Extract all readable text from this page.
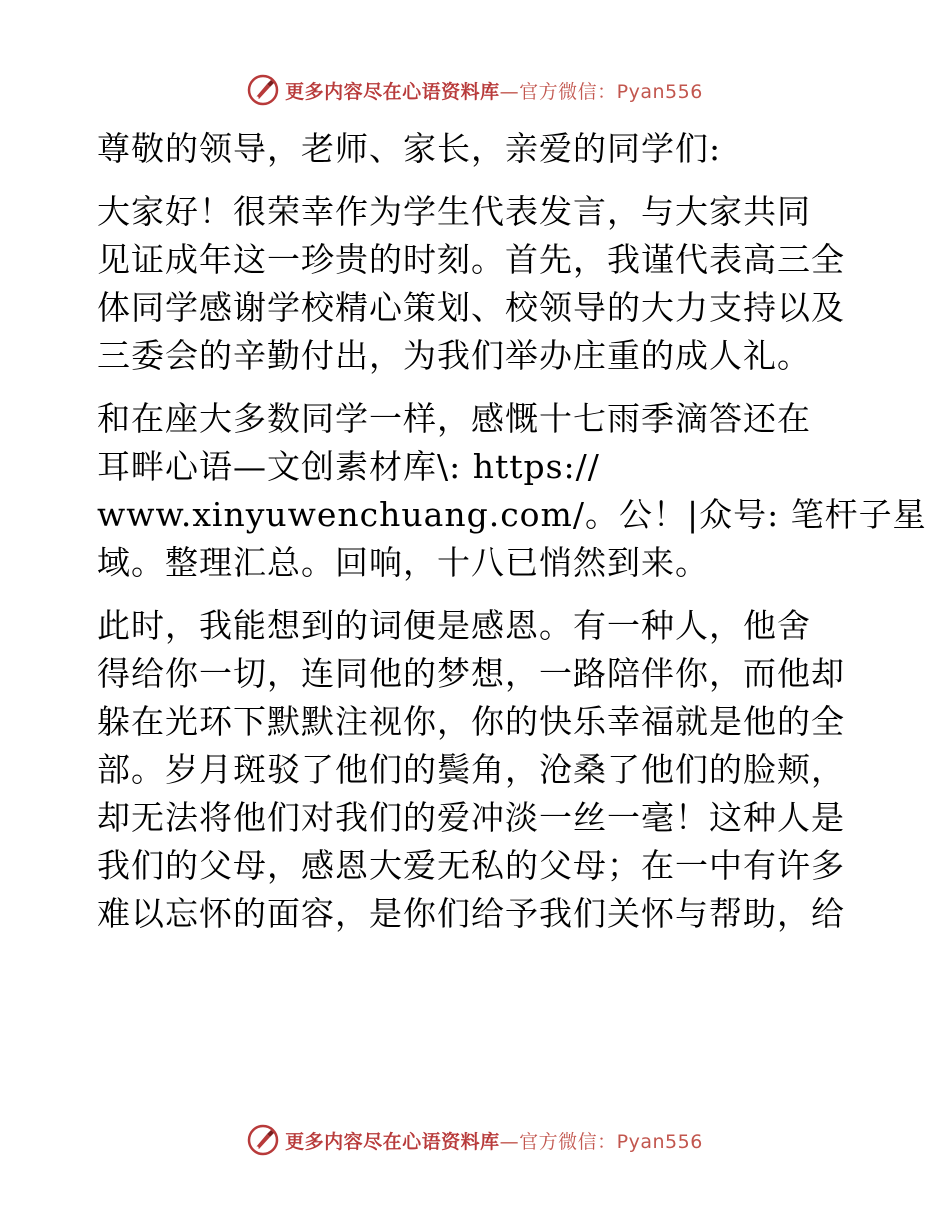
更多内容尽在心语资料库—官方微信：Pyan556

尊敬的领导，老师、家长，亲爱的同学们:

大家好！很荣幸作为学生代表发言，与大家共同
见证成年这一珍贵的时刻。首先，我谨代表高三全
体同学感谢学校精心策划、校领导的大力支持以及
三委会的辛勤付出，为我们举办庄重的成人礼。

和在座大多数同学一样，感慨十七雨季滴答还在
耳畔心语—文创素材库\: https://
www.xinyuwenchuang.com/。公！|众号: 笔杆子星
域。整理汇总。回响，十八已悄然到来。

此时，我能想到的词便是感恩。有一种人，他舍
得给你一切，连同他的梦想，一路陪伴你，而他却
躲在光环下默默注视你，你的快乐幸福就是他的全
部。岁月斑驳了他们的鬓角，沧桑了他们的脸颊，
却无法将他们对我们的爱冲淡一丝一毫！这种人是
我们的父母，感恩大爱无私的父母；在一中有许多
难以忘怀的面容，是你们给予我们关怀与帮助，给

更多内容尽在心语资料库—官方微信：Pyan556
